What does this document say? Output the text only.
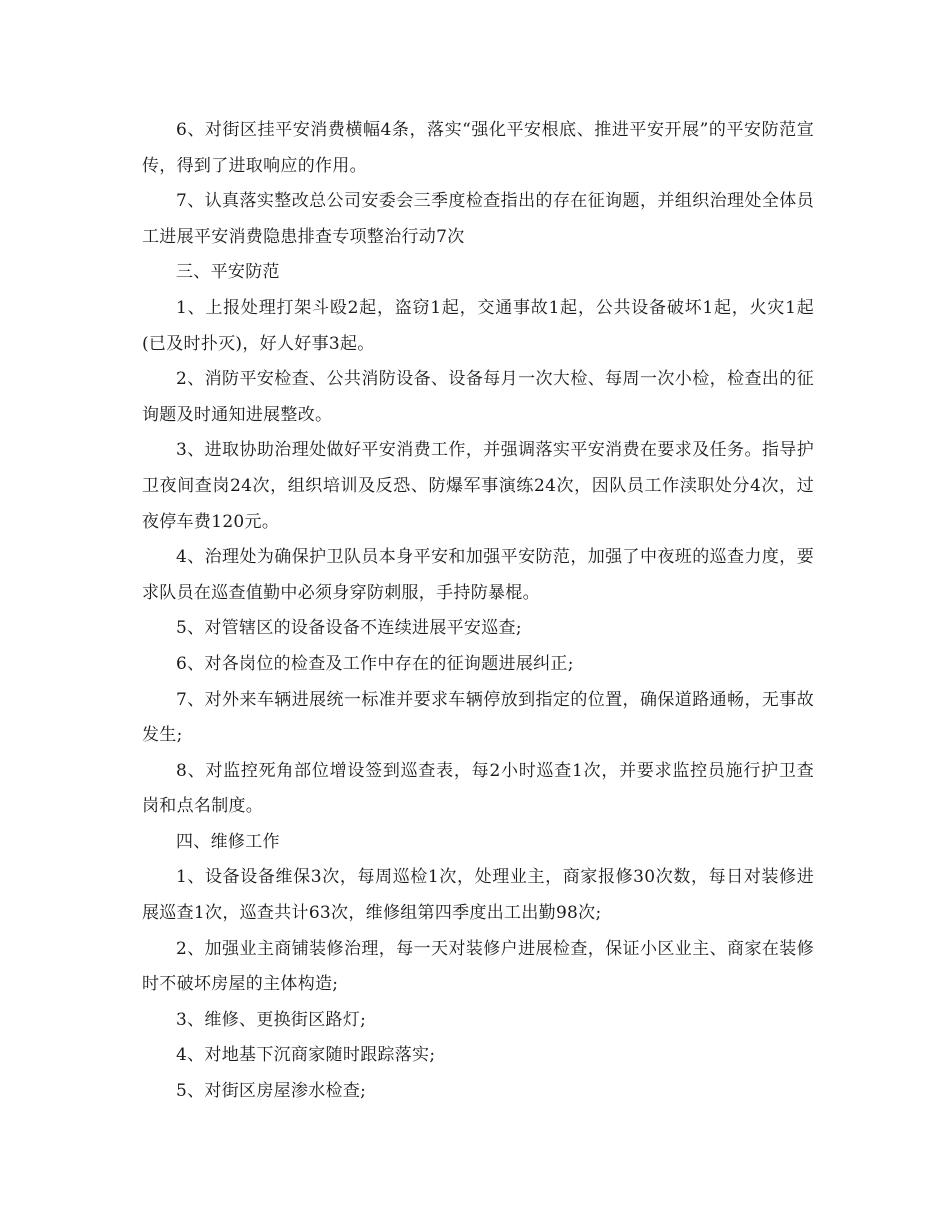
6、对街区挂平安消费横幅4条，落实“强化平安根底、推进平安开展”的平安防范宣传，得到了进取响应的作用。

7、认真落实整改总公司安委会三季度检查指出的存在征询题，并组织治理处全体员工进展平安消费隐患排查专项整治行动7次

三、平安防范

1、上报处理打架斗殴2起，盗窃1起，交通事故1起，公共设备破坏1起，火灾1起(已及时扑灭)，好人好事3起。

2、消防平安检查、公共消防设备、设备每月一次大检、每周一次小检，检查出的征询题及时通知进展整改。

3、进取协助治理处做好平安消费工作，并强调落实平安消费在要求及任务。指导护卫夜间查岗24次，组织培训及反恐、防爆军事演练24次，因队员工作渎职处分4次，过夜停车费120元。

4、治理处为确保护卫队员本身平安和加强平安防范，加强了中夜班的巡查力度，要求队员在巡查值勤中必须身穿防刺服，手持防暴棍。

5、对管辖区的设备设备不连续进展平安巡查;

6、对各岗位的检查及工作中存在的征询题进展纠正;

7、对外来车辆进展统一标准并要求车辆停放到指定的位置，确保道路通畅，无事故发生;

8、对监控死角部位增设签到巡查表，每2小时巡查1次，并要求监控员施行护卫查岗和点名制度。

四、维修工作

1、设备设备维保3次，每周巡检1次，处理业主，商家报修30次数，每日对装修进展巡查1次，巡查共计63次，维修组第四季度出工出勤98次;

2、加强业主商铺装修治理，每一天对装修户进展检查，保证小区业主、商家在装修时不破坏房屋的主体构造;

3、维修、更换街区路灯;

4、对地基下沉商家随时跟踪落实;

5、对街区房屋渗水检查;
